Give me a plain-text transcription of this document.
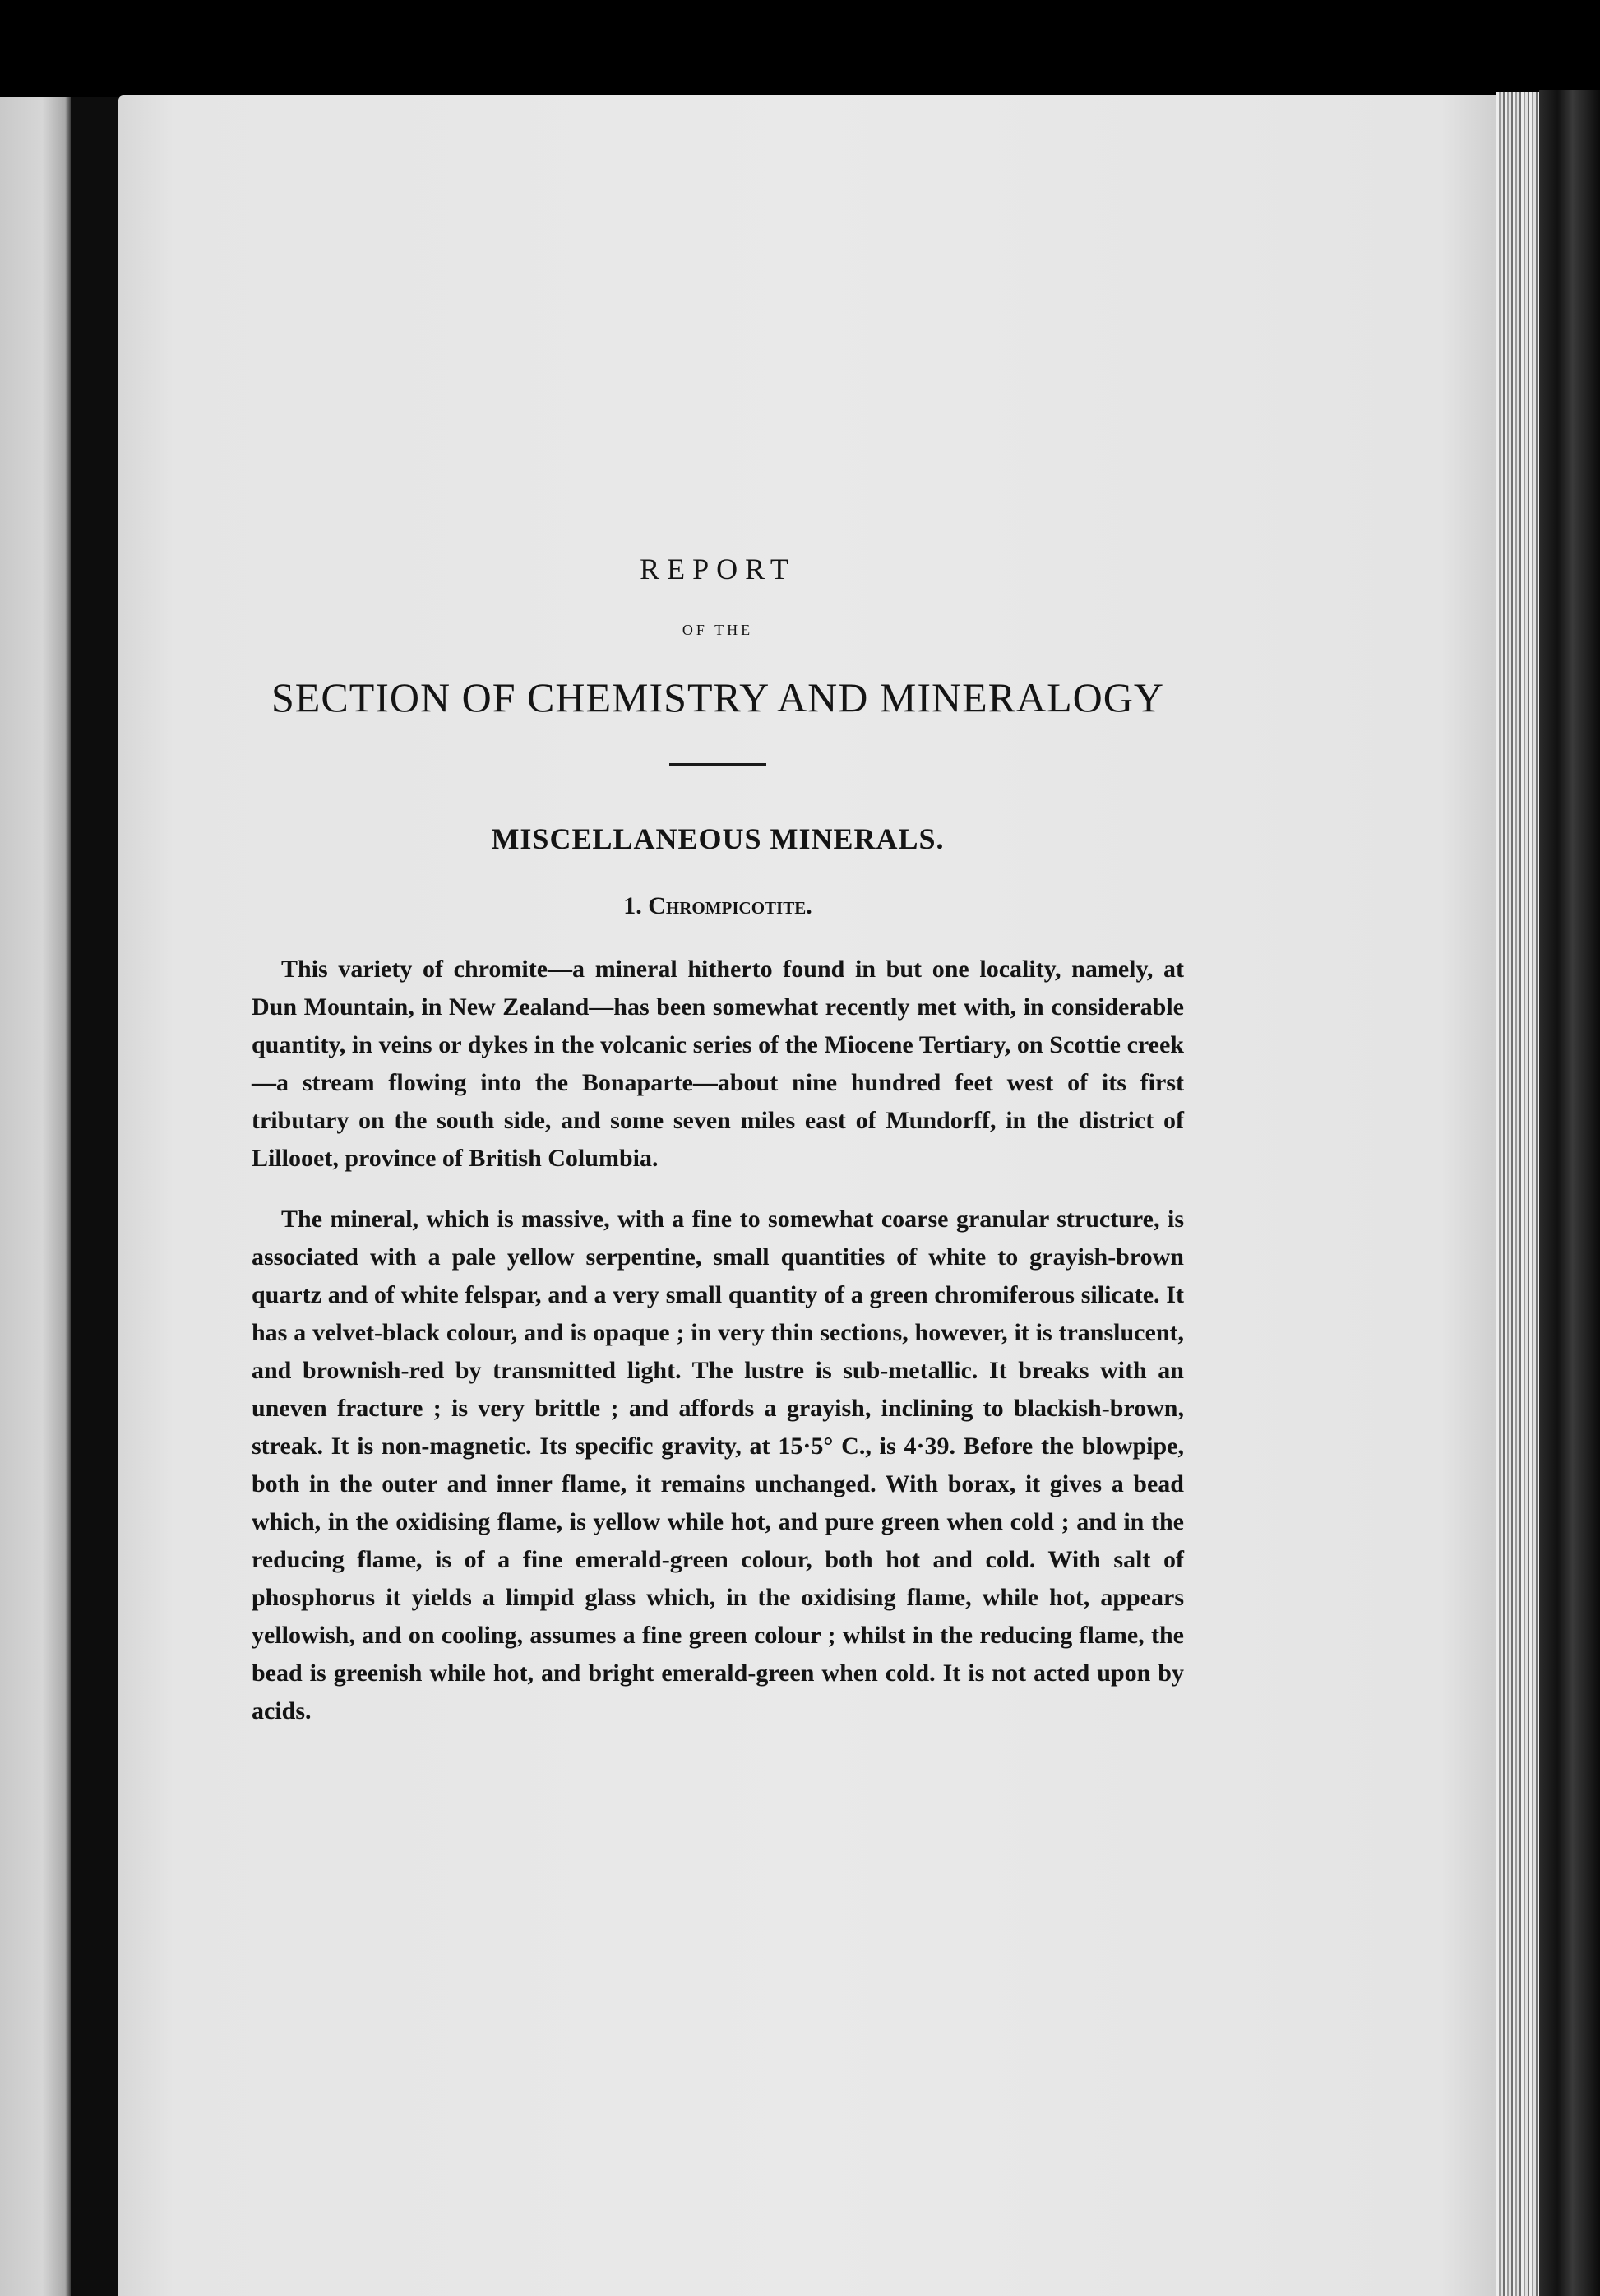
REPORT
OF THE
SECTION OF CHEMISTRY AND MINERALOGY
MISCELLANEOUS MINERALS.
1. Chrompicotite.

This variety of chromite—a mineral hitherto found in but one locality, namely, at Dun Mountain, in New Zealand—has been somewhat recently met with, in considerable quantity, in veins or dykes in the volcanic series of the Miocene Tertiary, on Scottie creek—a stream flowing into the Bonaparte—about nine hundred feet west of its first tributary on the south side, and some seven miles east of Mundorff, in the district of Lillooet, province of British Columbia.

The mineral, which is massive, with a fine to somewhat coarse granular structure, is associated with a pale yellow serpentine, small quantities of white to grayish-brown quartz and of white felspar, and a very small quantity of a green chromiferous silicate. It has a velvet-black colour, and is opaque ; in very thin sections, however, it is translucent, and brownish-red by transmitted light. The lustre is sub-metallic. It breaks with an uneven fracture ; is very brittle ; and affords a grayish, inclining to blackish-brown, streak. It is non-magnetic. Its specific gravity, at 15·5° C., is 4·39. Before the blowpipe, both in the outer and inner flame, it remains unchanged. With borax, it gives a bead which, in the oxidising flame, is yellow while hot, and pure green when cold ; and in the reducing flame, is of a fine emerald-green colour, both hot and cold. With salt of phosphorus it yields a limpid glass which, in the oxidising flame, while hot, appears yellowish, and on cooling, assumes a fine green colour ; whilst in the reducing flame, the bead is greenish while hot, and bright emerald-green when cold. It is not acted upon by acids.
